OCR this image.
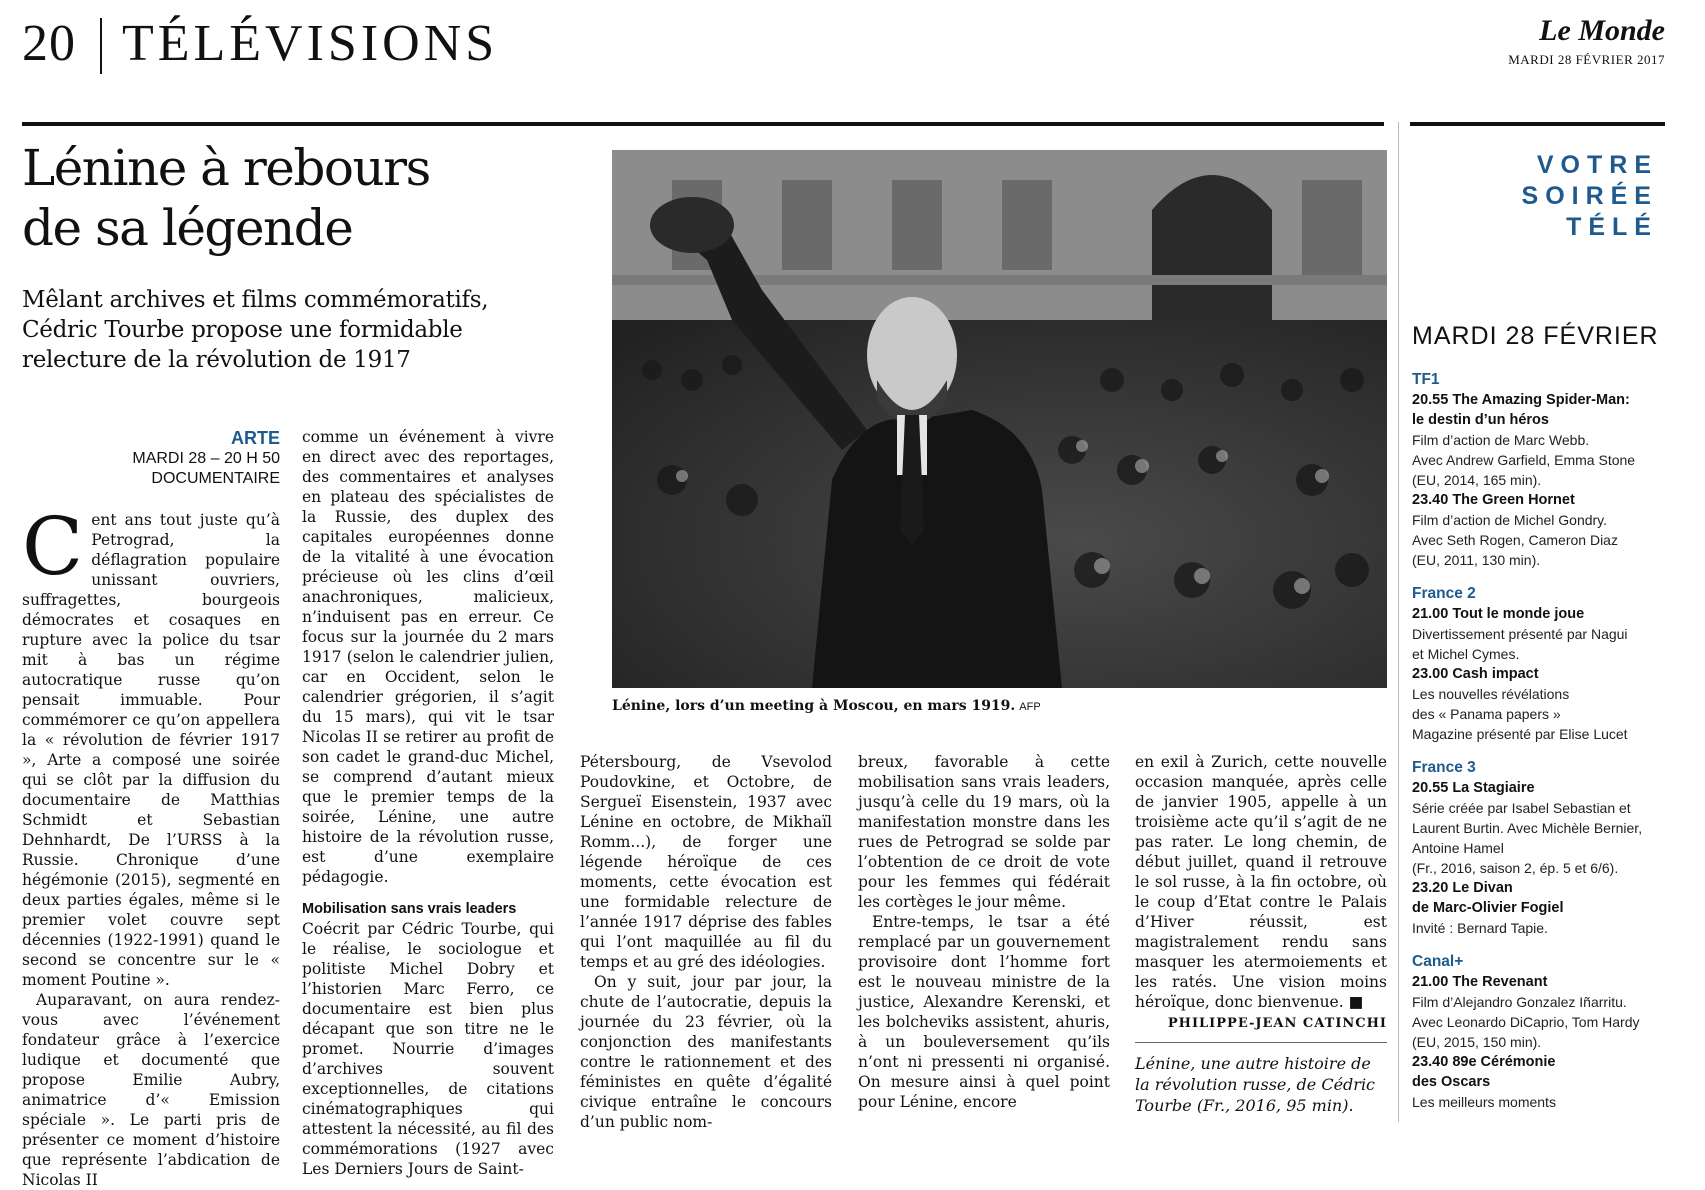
20 TÉLÉVISIONS	Le Monde
MARDI 28 FÉVRIER 2017
Lénine à rebours
de sa légende
Mêlant archives et films commémoratifs, Cédric Tourbe propose une formidable relecture de la révolution de 1917
ARTE
MARDI 28 – 20 H 50
DOCUMENTAIRE

Cent ans tout juste qu’à Petrograd, la déflagration populaire unissant ouvriers, suffragettes, bourgeois démocrates et cosaques en rupture avec la police du tsar mit à bas un régime autocratique russe qu’on pensait immuable. Pour commémorer ce qu’on appellera la « révolution de février 1917 », Arte a composé une soirée qui se clôt par la diffusion du documentaire de Matthias Schmidt et Sebastian Dehnhardt, De l’URSS à la Russie. Chronique d’une hégémonie (2015), segmenté en deux parties égales, même si le premier volet couvre sept décennies (1922-1991) quand le second se concentre sur le « moment Poutine ».

Auparavant, on aura rendez-vous avec l’événement fondateur grâce à l’exercice ludique et documenté que propose Emilie Aubry, animatrice d’« Emission spéciale ». Le parti pris de présenter ce moment d’histoire que représente l’abdication de Nicolas II

comme un événement à vivre en direct avec des reportages, des commentaires et analyses en plateau des spécialistes de la Russie, des duplex des capitales européennes donne de la vitalité à une évocation précieuse où les clins d’œil anachroniques, malicieux, n’induisent pas en erreur. Ce focus sur la journée du 2 mars 1917 (selon le calendrier julien, car en Occident, selon le calendrier grégorien, il s’agit du 15 mars), qui vit le tsar Nicolas II se retirer au profit de son cadet le grand-duc Michel, se comprend d’autant mieux que le premier temps de la soirée, Lénine, une autre histoire de la révolution russe, est d’une exemplaire pédagogie.

Mobilisation sans vrais leaders

Coécrit par Cédric Tourbe, qui le réalise, le sociologue et politiste Michel Dobry et l’historien Marc Ferro, ce documentaire est bien plus décapant que son titre ne le promet. Nourrie d’images d’archives souvent exceptionnelles, de citations cinématographiques qui attestent la nécessité, au fil des commémorations (1927 avec Les Derniers Jours de Saint-

Lénine, lors d’un meeting à Moscou, en mars 1919. AFP

Pétersbourg, de Vsevolod Poudovkine, et Octobre, de Sergueï Eisenstein, 1937 avec Lénine en octobre, de Mikhaïl Romm...), de forger une légende héroïque de ces moments, cette évocation est une formidable relecture de l’année 1917 déprise des fables qui l’ont maquillée au fil du temps et au gré des idéologies.

On y suit, jour par jour, la chute de l’autocratie, depuis la journée du 23 février, où la conjonction des manifestants contre le rationnement et des féministes en quête d’égalité civique entraîne le concours d’un public nom-

breux, favorable à cette mobilisation sans vrais leaders, jusqu’à celle du 19 mars, où la manifestation monstre dans les rues de Petrograd se solde par l’obtention de ce droit de vote pour les femmes qui fédérait les cortèges le jour même.

Entre-temps, le tsar a été remplacé par un gouvernement provisoire dont l’homme fort est le nouveau ministre de la justice, Alexandre Kerenski, et les bolcheviks assistent, ahuris, à un bouleversement qu’ils n’ont ni pressenti ni organisé. On mesure ainsi à quel point pour Lénine, encore

en exil à Zurich, cette nouvelle occasion manquée, après celle de janvier 1905, appelle à un troisième acte qu’il s’agit de ne pas rater. Le long chemin, de début juillet, quand il retrouve le sol russe, à la fin octobre, où le coup d’Etat contre le Palais d’Hiver réussit, est magistralement rendu sans masquer les atermoiements et les ratés. Une vision moins héroïque, donc bienvenue. ■

PHILIPPE-JEAN CATINCHI

Lénine, une autre histoire de la révolution russe, de Cédric Tourbe (Fr., 2016, 95 min).

VOTRE
SOIRÉE
TÉLÉ
MARDI 28 FÉVRIER
TF1
20.55 The Amazing Spider-Man:
le destin d’un héros
Film d’action de Marc Webb.
Avec Andrew Garfield, Emma Stone
(EU, 2014, 165 min).
23.40 The Green Hornet
Film d’action de Michel Gondry.
Avec Seth Rogen, Cameron Diaz
(EU, 2011, 130 min).
France 2
21.00 Tout le monde joue
Divertissement présenté par Nagui
et Michel Cymes.
23.00 Cash impact
Les nouvelles révélations
des « Panama papers »
Magazine présenté par Elise Lucet
France 3
20.55 La Stagiaire
Série créée par Isabel Sebastian et
Laurent Burtin. Avec Michèle Bernier,
Antoine Hamel
(Fr., 2016, saison 2, ép. 5 et 6/6).
23.20 Le Divan
de Marc-Olivier Fogiel
Invité : Bernard Tapie.
Canal+
21.00 The Revenant
Film d’Alejandro Gonzalez Iñarritu.
Avec Leonardo DiCaprio, Tom Hardy
(EU, 2015, 150 min).
23.40 89e Cérémonie
des Oscars
Les meilleurs moments
